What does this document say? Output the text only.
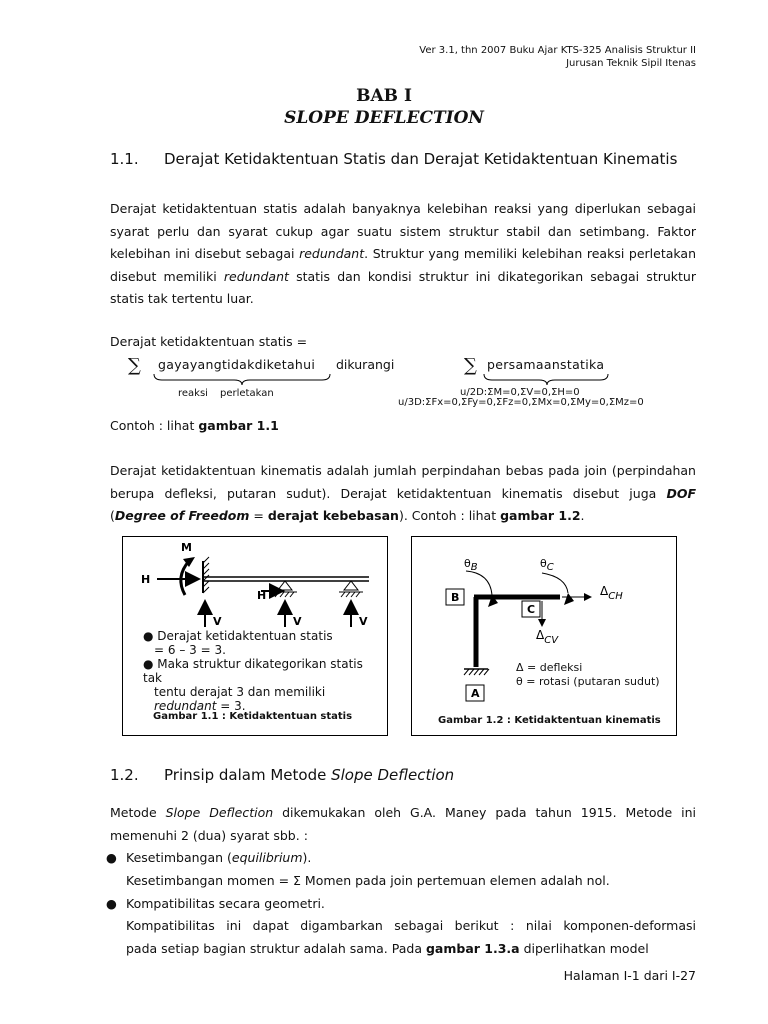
Ver 3.1, thn 2007 Buku Ajar KTS-325 Analisis Struktur II
Jurusan Teknik Sipil Itenas
BAB I
SLOPE DEFLECTION
1.1. Derajat Ketidaktentuan Statis dan Derajat Ketidaktentuan Kinematis
Derajat ketidaktentuan statis adalah banyaknya kelebihan reaksi yang diperlukan sebagai syarat perlu dan syarat cukup agar suatu sistem struktur stabil dan setimbang. Faktor kelebihan ini disebut sebagai redundant. Struktur yang memiliki kelebihan reaksi perletakan disebut memiliki redundant statis dan kondisi struktur ini dikategorikan sebagai struktur statis tak tertentu luar.
Derajat ketidaktentuan statis =
∑ gayayangtidakdiketahui dikurangi	∑ persamaanstatika
reaksi perletakan	u/2D:ΣM=0,ΣV=0,ΣH=0
u/3D:ΣFx=0,ΣFy=0,ΣFz=0,ΣMx=0,ΣMy=0,ΣMz=0
Contoh : lihat gambar 1.1
Derajat ketidaktentuan kinematis adalah jumlah perpindahan bebas pada join (perpindahan berupa defleksi, putaran sudut). Derajat ketidaktentuan kinematis disebut juga DOF (Degree of Freedom = derajat kebebasan). Contoh : lihat gambar 1.2.
M
H
H
V	V	V
● Derajat ketidaktentuan statis
= 6 – 3 = 3.
● Maka struktur dikategorikan statis tak
tentu derajat 3 dan memiliki
redundant = 3.
Gambar 1.1 : Ketidaktentuan statis
B
C
A
θB	θC
$\Delta_{CH}$
$\Delta_{CV}$
Δ = defleksi
θ = rotasi (putaran sudut)
Gambar 1.2 : Ketidaktentuan kinematis
1.2. Prinsip dalam Metode Slope Deflection
Metode Slope Deflection dikemukakan oleh G.A. Maney pada tahun 1915. Metode ini memenuhi 2 (dua) syarat sbb. :
● Kesetimbangan (equilibrium).
Kesetimbangan momen = Σ Momen pada join pertemuan elemen adalah nol.
● Kompatibilitas secara geometri.
Kompatibilitas ini dapat digambarkan sebagai berikut : nilai komponen-deformasi
pada setiap bagian struktur adalah sama. Pada gambar 1.3.a diperlihatkan model
Halaman I-1 dari I-27
